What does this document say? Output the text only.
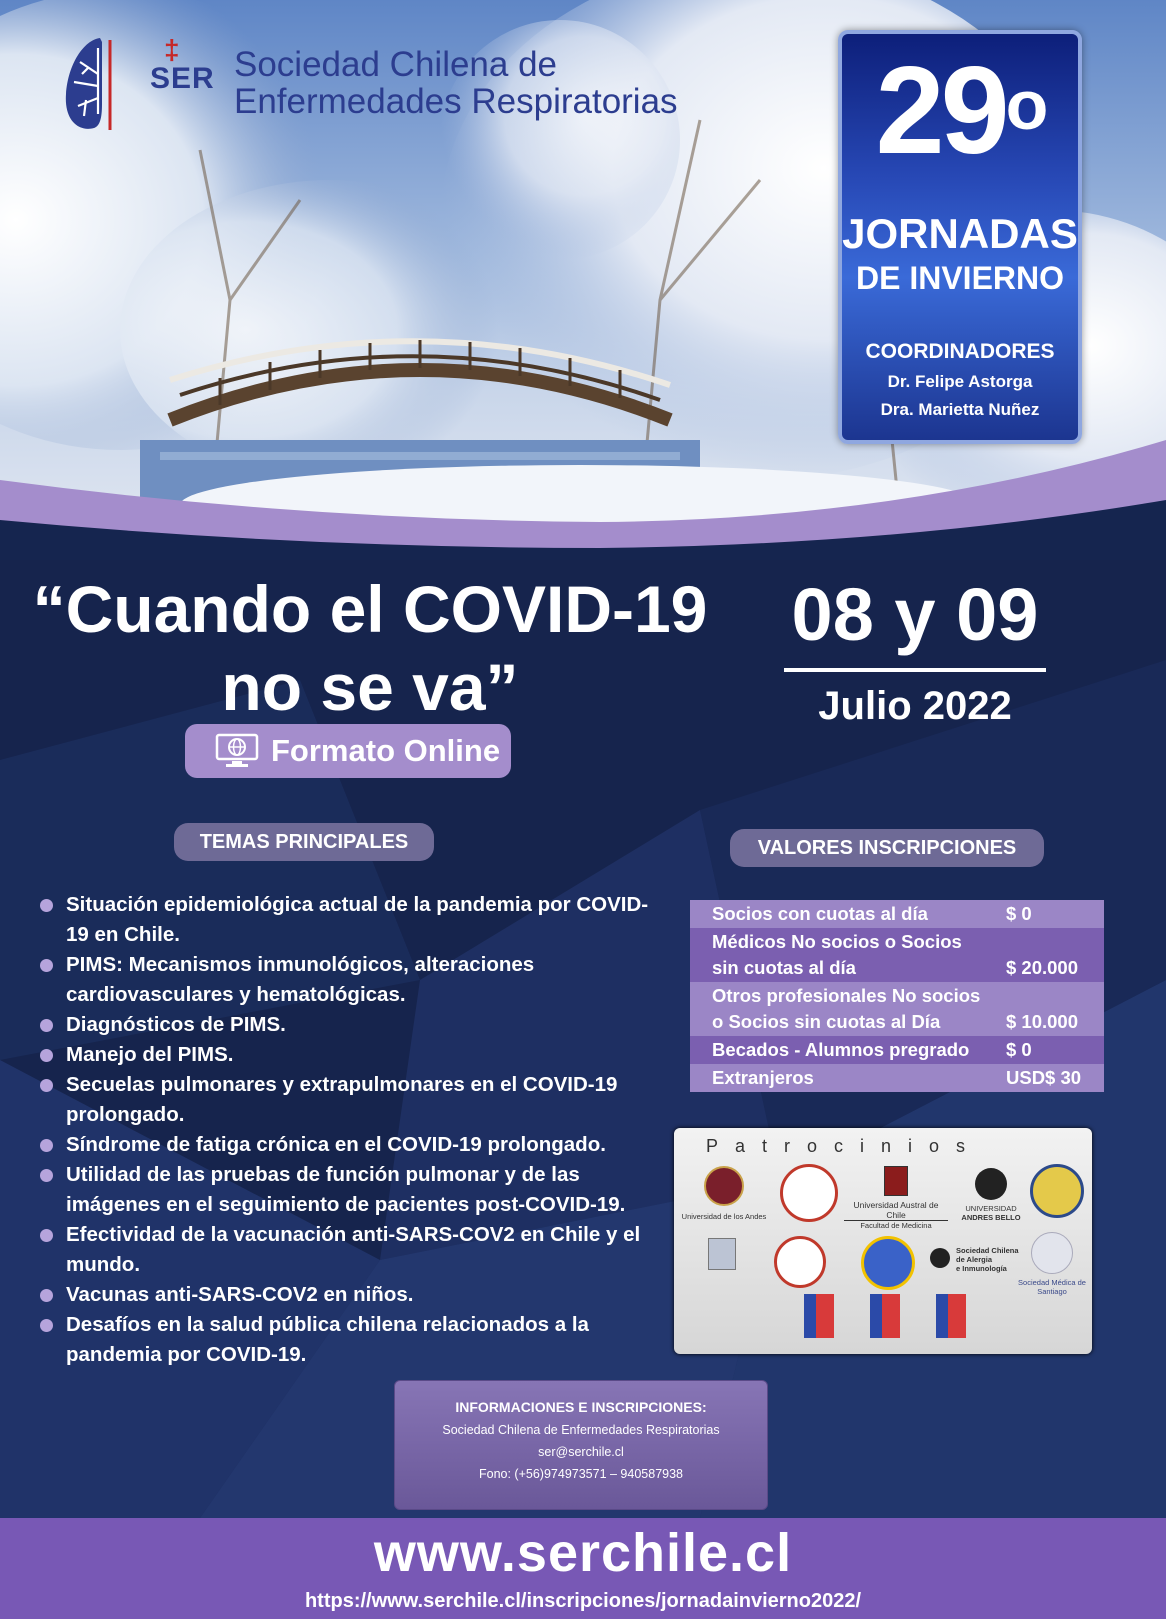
‡
SER Sociedad Chilena de
Enfermedades Respiratorias 29$^o$
JORNADAS
DE INVIERNO
COORDINADORES
Dr. Felipe Astorga
Dra. Marietta Nuñez
“Cuando el COVID-19
no se va”
08 y 09
Julio 2022
Formato Online
TEMAS PRINCIPALES	VALORES INSCRIPCIONES
Situación epidemiológica actual de la pandemia por COVID-19 en Chile.
PIMS: Mecanismos inmunológicos, alteraciones cardiovasculares y hematológicas.
Diagnósticos de PIMS.
Manejo del PIMS.
Secuelas pulmonares y extrapulmonares en el COVID-19 prolongado.
Síndrome de fatiga crónica en el COVID-19 prolongado.
Utilidad de las pruebas de función pulmonar y de las imágenes en el seguimiento de pacientes post-COVID-19.
Efectividad de la vacunación anti-SARS-COV2 en Chile y el mundo.
Vacunas anti-SARS-COV2 en niños.
Desafíos en la salud pública chilena relacionados a la pandemia por COVID-19.
Socios con cuotas al día	$ 0
Médicos No socios o Socios sin cuotas al día	$ 20.000
Otros profesionales No socios o Socios sin cuotas al Día	$ 10.000
Becados - Alumnos pregrado	$ 0
Extranjeros	USD$ 30
Patrocinios
Universidad de los Andes
Universidad Austral de Chile
Facultad de Medicina
UNIVERSIDAD
ANDRES BELLO
Sociedad Chilena
de Alergia
e Inmunología
Sociedad Médica de Santiago
INFORMACIONES E INSCRIPCIONES:
Sociedad Chilena de Enfermedades Respiratorias
ser@serchile.cl
Fono: (+56)974973571 – 940587938
www.serchile.cl
https://www.serchile.cl/inscripciones/jornadainvierno2022/
